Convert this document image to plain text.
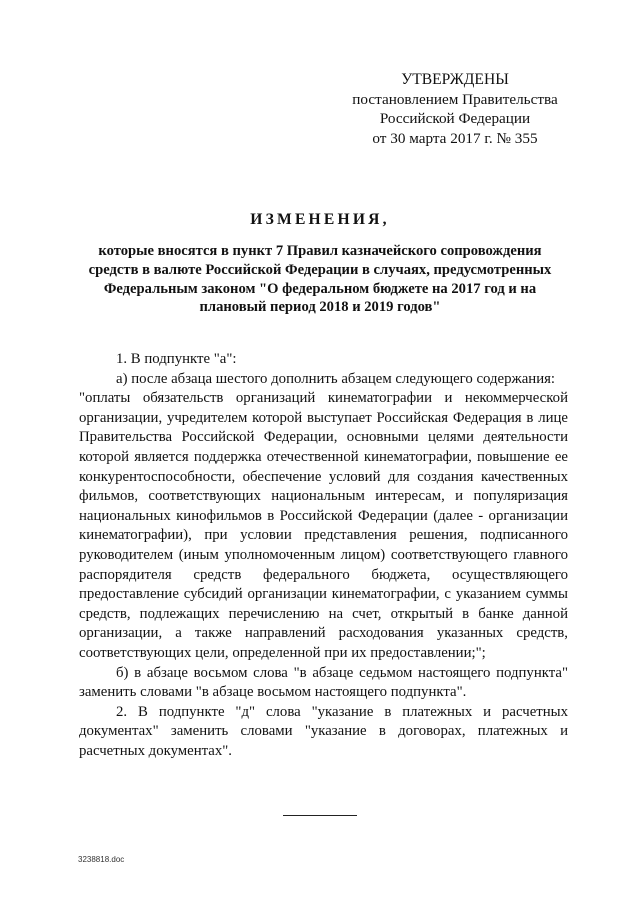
УТВЕРЖДЕНЫ
постановлением Правительства
Российской Федерации
от 30 марта 2017 г. № 355
ИЗМЕНЕНИЯ,
которые вносятся в пункт 7 Правил казначейского сопровождения
средств в валюте Российской Федерации в случаях, предусмотренных
Федеральным законом "О федеральном бюджете на 2017 год и на
плановый период 2018 и 2019 годов"

1. В подпункте "а":

а) после абзаца шестого дополнить абзацем следующего содержания:

"оплаты обязательств организаций кинематографии и некоммерческой организации, учредителем которой выступает Российская Федерация в лице Правительства Российской Федерации, основными целями деятельности которой является поддержка отечественной кинематографии, повышение ее конкурентоспособности, обеспечение условий для создания качественных фильмов, соответствующих национальным интересам, и популяризация национальных кинофильмов в Российской Федерации (далее - организации кинематографии), при условии представления решения, подписанного руководителем (иным уполномоченным лицом) соответствующего главного распорядителя средств федерального бюджета, осуществляющего предоставление субсидий организации кинематографии, с указанием суммы средств, подлежащих перечислению на счет, открытый в банке данной организации, а также направлений расходования указанных средств, соответствующих цели, определенной при их предоставлении;";

б) в абзаце восьмом слова "в абзаце седьмом настоящего подпункта" заменить словами "в абзаце восьмом настоящего подпункта".

2. В подпункте "д" слова "указание в платежных и расчетных документах" заменить словами "указание в договорах, платежных и расчетных документах".

3238818.doc
